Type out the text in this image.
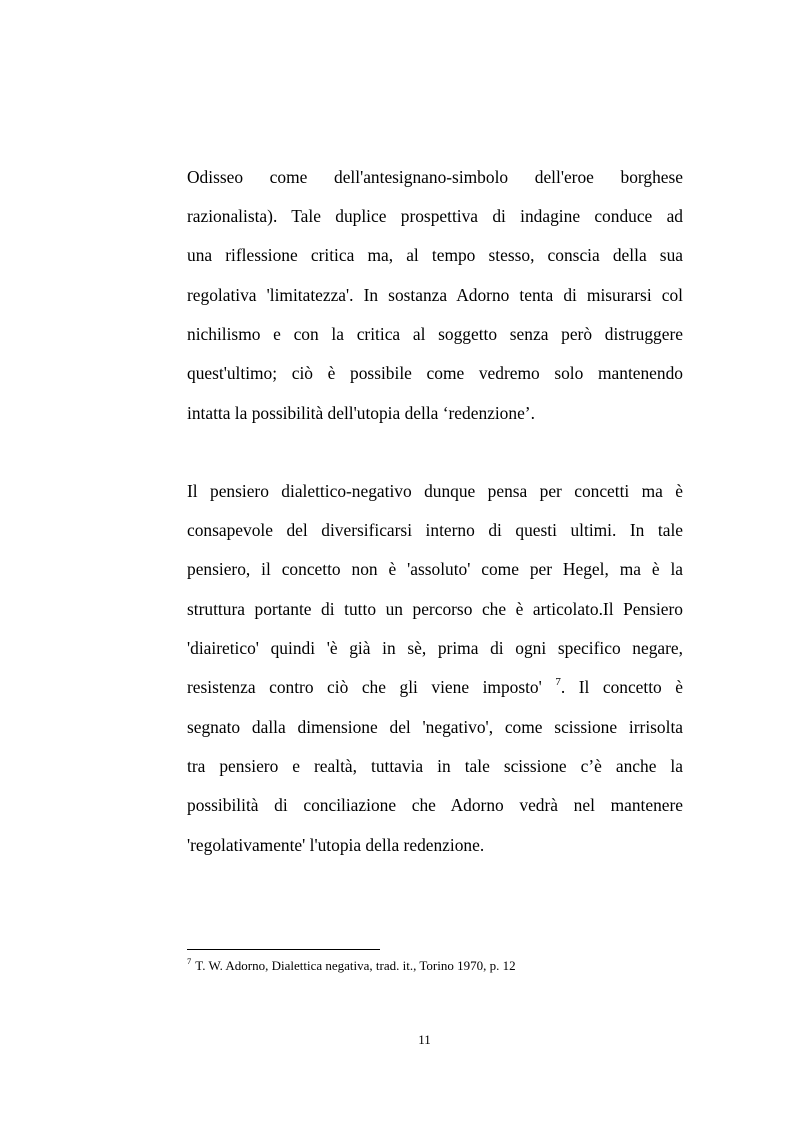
Odisseo come dell'antesignano-simbolo dell'eroe borghese
razionalista). Tale duplice prospettiva di indagine conduce ad
una riflessione critica ma, al tempo stesso, conscia della sua
regolativa 'limitatezza'. In sostanza Adorno tenta di misurarsi col
nichilismo e con la critica al soggetto senza però distruggere
quest'ultimo; ciò è possibile come vedremo solo mantenendo
intatta la possibilità dell'utopia della ‘redenzione’.
Il pensiero dialettico-negativo dunque pensa per concetti ma è
consapevole del diversificarsi interno di questi ultimi. In tale
pensiero, il concetto non è 'assoluto' come per Hegel, ma è la
struttura portante di tutto un percorso che è articolato.Il Pensiero
'diairetico' quindi 'è già in sè, prima di ogni specifico negare,
resistenza contro ciò che gli viene imposto' $^7$. Il concetto è
segnato dalla dimensione del 'negativo', come scissione irrisolta
tra pensiero e realtà, tuttavia in tale scissione c’è anche la
possibilità di conciliazione che Adorno vedrà nel mantenere
'regolativamente' l'utopia della redenzione.
$^7$ T. W. Adorno, Dialettica negativa, trad. it., Torino 1970, p. 12
11
